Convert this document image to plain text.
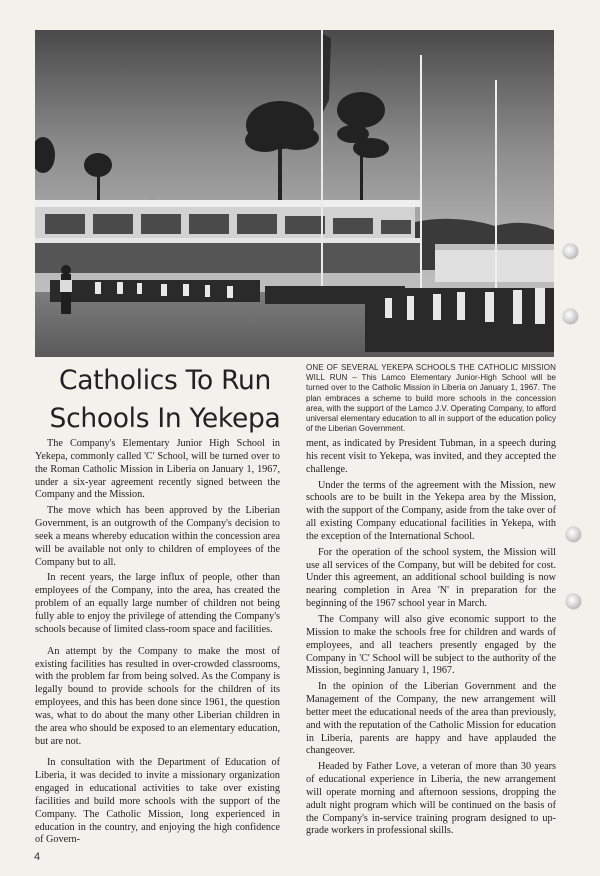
Catholics To Run
Schools In Yekepa

ONE OF SEVERAL YEKEPA SCHOOLS THE CATHOLIC MISSION WILL RUN – This Lamco Elementary Junior-High School will be turned over to the Catholic Mission in Liberia on January 1, 1967. The plan embraces a scheme to build more schools in the concession area, with the support of the Lamco J.V. Operating Company, to afford universal elementary education to all in support of the education policy of the Liberian Government.

The Company's Elementary Junior High School in Yekepa, commonly called 'C' School, will be turned over to the Roman Catholic Mission in Liberia on January 1, 1967, under a six-year agreement recently signed between the Company and the Mission.

The move which has been approved by the Liberian Government, is an outgrowth of the Company's decision to seek a means whereby education within the concession area will be available not only to children of employees of the Company but to all.

In recent years, the large influx of people, other than employees of the Company, into the area, has created the problem of an equally large number of children not being fully able to enjoy the privilege of attending the Company's schools because of limited class-room space and facilities.

An attempt by the Company to make the most of existing facilities has resulted in over-crowded classrooms, with the problem far from being solved. As the Company is legally bound to provide schools for the children of its employees, and this has been done since 1961, the question was, what to do about the many other Liberian children in the area who should be exposed to an elementary education, but are not.

In consultation with the Department of Education of Liberia, it was decided to invite a missionary organization engaged in educational activities to take over existing facilities and build more schools with the support of the Company. The Catholic Mission, long experienced in education in the country, and enjoying the high confidence of Govern-

ment, as indicated by President Tubman, in a speech during his recent visit to Yekepa, was invited, and they accepted the challenge.

Under the terms of the agreement with the Mission, new schools are to be built in the Yekepa area by the Mission, with the support of the Company, aside from the take over of all existing Company educational facilities in Yekepa, with the exception of the International School.

For the operation of the school system, the Mission will use all services of the Company, but will be debited for cost. Under this agreement, an additional school building is now nearing completion in Area 'N' in preparation for the beginning of the 1967 school year in March.

The Company will also give economic support to the Mission to make the schools free for children and wards of employees, and all teachers presently engaged by the Company in 'C' School will be subject to the authority of the Mission, beginning January 1, 1967.

In the opinion of the Liberian Government and the Management of the Company, the new arrangement will better meet the educational needs of the area than previously, and with the reputation of the Catholic Mission for education in Liberia, parents are happy and have applauded the changeover.

Headed by Father Love, a veteran of more than 30 years of educational experience in Liberia, the new arrangement will operate morning and afternoon sessions, dropping the adult night program which will be continued on the basis of the Company's in-service training program designed to up-grade workers in professional skills.

4
